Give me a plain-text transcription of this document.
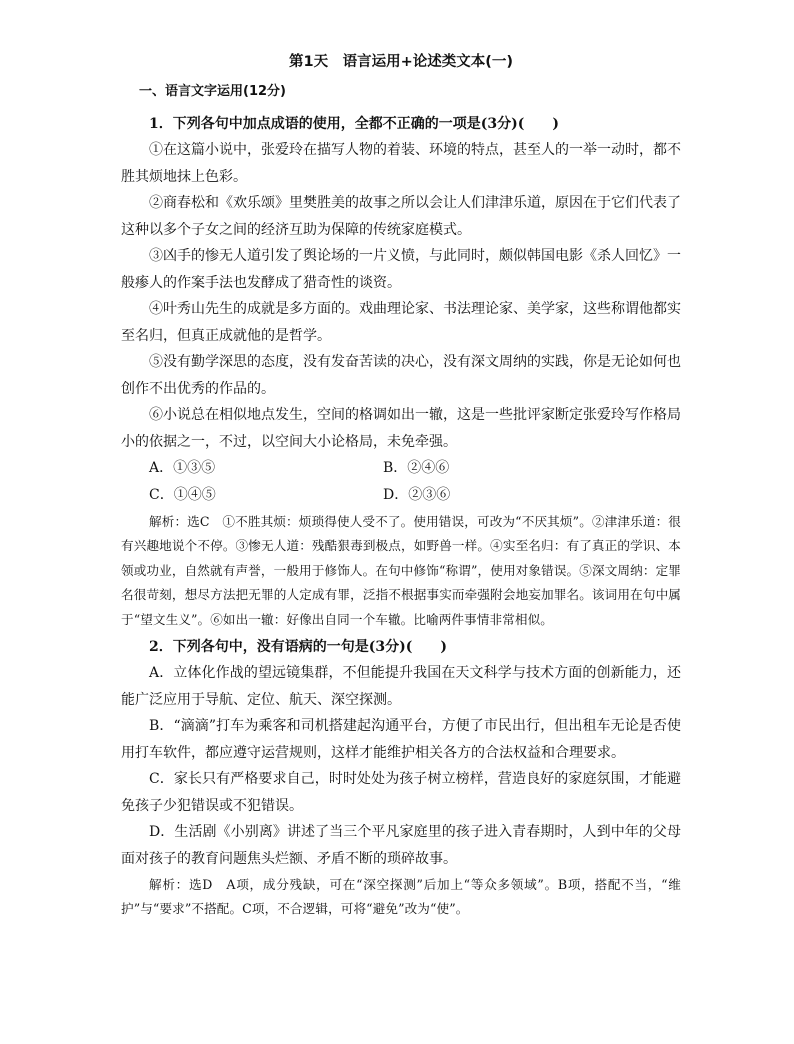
第1天　语言运用+论述类文本(一)
一、语言文字运用(12分)

1．下列各句中加点成语的使用，全都不正确的一项是(3分)(　　)

①在这篇小说中，张爱玲在描写人物的着装、环境的特点，甚至人的一举一动时，都不胜其烦地抹上色彩。

②商春松和《欢乐颂》里樊胜美的故事之所以会让人们津津乐道，原因在于它们代表了这种以多个子女之间的经济互助为保障的传统家庭模式。

③凶手的惨无人道引发了舆论场的一片义愤，与此同时，颇似韩国电影《杀人回忆》一般瘆人的作案手法也发酵成了猎奇性的谈资。

④叶秀山先生的成就是多方面的。戏曲理论家、书法理论家、美学家，这些称谓他都实至名归，但真正成就他的是哲学。

⑤没有勤学深思的态度，没有发奋苦读的决心，没有深文周纳的实践，你是无论如何也创作不出优秀的作品的。

⑥小说总在相似地点发生，空间的格调如出一辙，这是一些批评家断定张爱玲写作格局小的依据之一，不过，以空间大小论格局，未免牵强。

A．①③⑤	B．②④⑥
C．①④⑤	D．②③⑥

解析：选C　①不胜其烦：烦琐得使人受不了。使用错误，可改为“不厌其烦”。②津津乐道：很有兴趣地说个不停。③惨无人道：残酷狠毒到极点，如野兽一样。④实至名归：有了真正的学识、本领或功业，自然就有声誉，一般用于修饰人。在句中修饰“称谓”，使用对象错误。⑤深文周纳：定罪名很苛刻，想尽方法把无罪的人定成有罪，泛指不根据事实而牵强附会地妄加罪名。该词用在句中属于“望文生义”。⑥如出一辙：好像出自同一个车辙。比喻两件事情非常相似。

2．下列各句中，没有语病的一句是(3分)(　　)

A．立体化作战的望远镜集群，不但能提升我国在天文科学与技术方面的创新能力，还能广泛应用于导航、定位、航天、深空探测。

B．“滴滴”打车为乘客和司机搭建起沟通平台，方便了市民出行，但出租车无论是否使用打车软件，都应遵守运营规则，这样才能维护相关各方的合法权益和合理要求。

C．家长只有严格要求自己，时时处处为孩子树立榜样，营造良好的家庭氛围，才能避免孩子少犯错误或不犯错误。

D．生活剧《小别离》讲述了当三个平凡家庭里的孩子进入青春期时，人到中年的父母面对孩子的教育问题焦头烂额、矛盾不断的琐碎故事。

解析：选D　A项，成分残缺，可在“深空探测”后加上“等众多领域”。B项，搭配不当，“维护”与“要求”不搭配。C项，不合逻辑，可将“避免”改为“使”。
